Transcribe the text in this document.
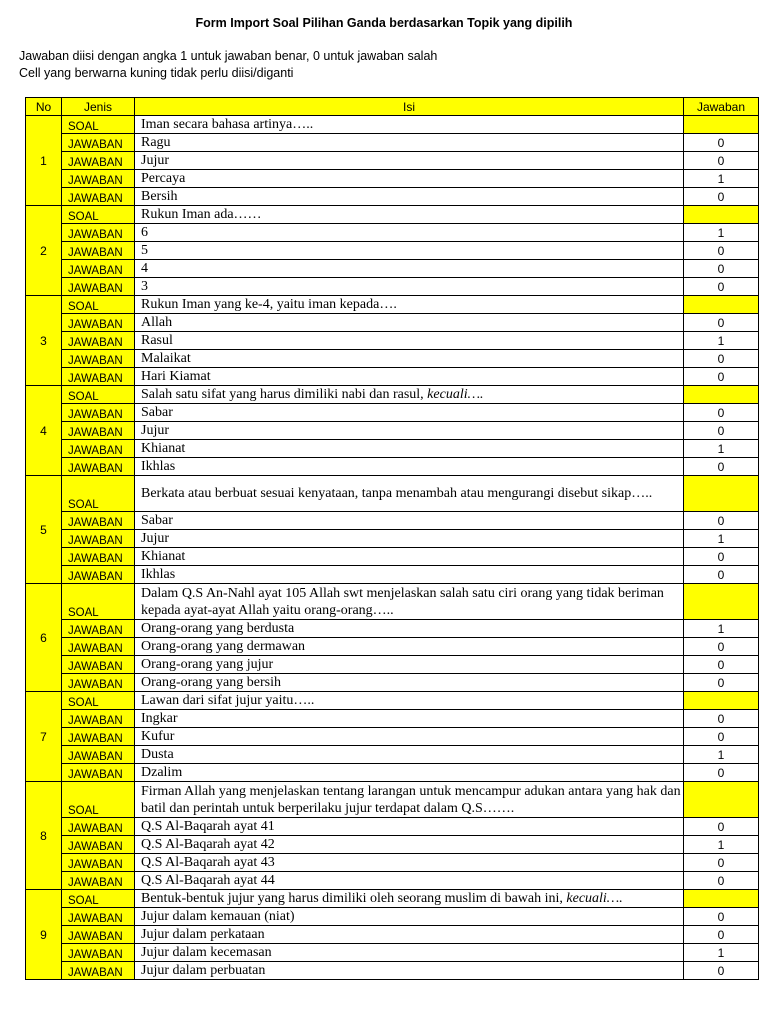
Form Import Soal Pilihan Ganda berdasarkan Topik yang dipilih
Jawaban diisi dengan angka 1 untuk jawaban benar, 0 untuk jawaban salah
Cell yang berwarna kuning tidak perlu diisi/diganti
No	Jenis	Isi	Jawaban
1	SOAL	Iman secara bahasa artinya…..	
	JAWABAN	Ragu	0
	JAWABAN	Jujur	0
	JAWABAN	Percaya	1
	JAWABAN	Bersih	0
2	SOAL	Rukun Iman ada……	
	JAWABAN	6	1
	JAWABAN	5	0
	JAWABAN	4	0
	JAWABAN	3	0
3	SOAL	Rukun Iman yang ke-4, yaitu iman kepada….	
	JAWABAN	Allah	0
	JAWABAN	Rasul	1
	JAWABAN	Malaikat	0
	JAWABAN	Hari Kiamat	0
4	SOAL	Salah satu sifat yang harus dimiliki nabi dan rasul, kecuali….	
	JAWABAN	Sabar	0
	JAWABAN	Jujur	0
	JAWABAN	Khianat	1
	JAWABAN	Ikhlas	0
5	SOAL	Berkata atau berbuat sesuai kenyataan, tanpa menambah atau mengurangi disebut sikap…..	
	JAWABAN	Sabar	0
	JAWABAN	Jujur	1
	JAWABAN	Khianat	0
	JAWABAN	Ikhlas	0
6	SOAL	Dalam Q.S An-Nahl ayat 105 Allah swt menjelaskan salah satu ciri orang yang tidak beriman kepada ayat-ayat Allah yaitu orang-orang…..	
	JAWABAN	Orang-orang yang berdusta	1
	JAWABAN	Orang-orang yang dermawan	0
	JAWABAN	Orang-orang yang jujur	0
	JAWABAN	Orang-orang yang bersih	0
7	SOAL	Lawan dari sifat jujur yaitu…..	
	JAWABAN	Ingkar	0
	JAWABAN	Kufur	0
	JAWABAN	Dusta	1
	JAWABAN	Dzalim	0
8	SOAL	Firman Allah yang menjelaskan tentang larangan untuk mencampur adukan antara yang hak dan batil dan perintah untuk berperilaku jujur terdapat dalam Q.S…….	
	JAWABAN	Q.S Al-Baqarah ayat 41	0
	JAWABAN	Q.S Al-Baqarah ayat 42	1
	JAWABAN	Q.S Al-Baqarah ayat 43	0
	JAWABAN	Q.S Al-Baqarah ayat 44	0
9	SOAL	Bentuk-bentuk jujur yang harus dimiliki oleh seorang muslim di bawah ini, kecuali….	
	JAWABAN	Jujur dalam kemauan (niat)	0
	JAWABAN	Jujur dalam perkataan	0
	JAWABAN	Jujur dalam kecemasan	1
	JAWABAN	Jujur dalam perbuatan	0
